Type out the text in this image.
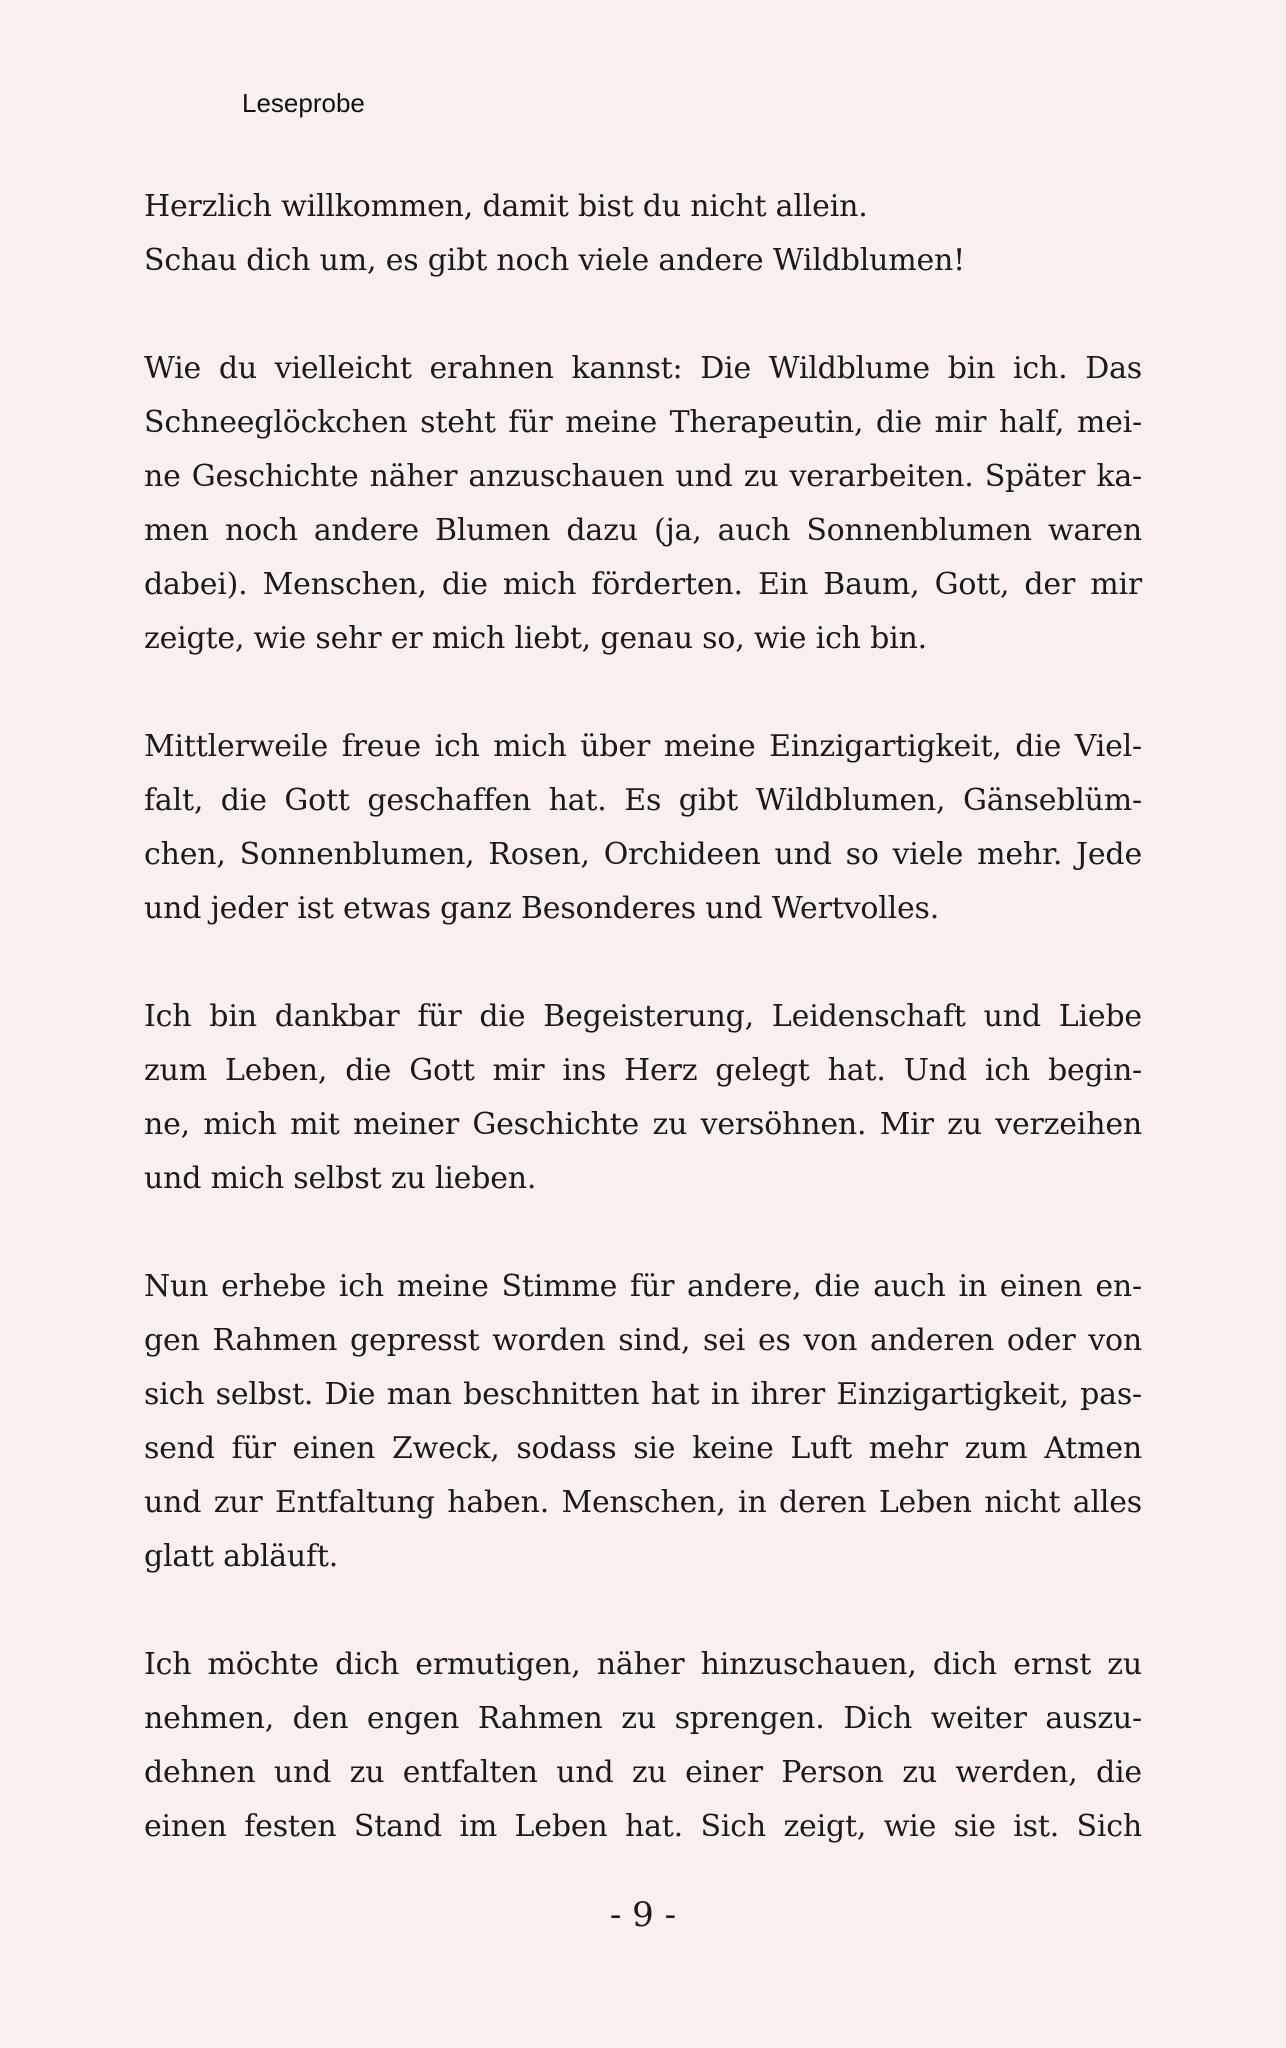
Leseprobe
Herzlich willkommen, damit bist du nicht allein.
Schau dich um, es gibt noch viele andere Wildblumen!
Wie du vielleicht erahnen kannst: Die Wildblume bin ich. Das
Schneeglöckchen steht für meine Therapeutin, die mir half, mei-
ne Geschichte näher anzuschauen und zu verarbeiten. Später ka-
men noch andere Blumen dazu (ja, auch Sonnenblumen waren
dabei). Menschen, die mich förderten. Ein Baum, Gott, der mir
zeigte, wie sehr er mich liebt, genau so, wie ich bin.
Mittlerweile freue ich mich über meine Einzigartigkeit, die Viel-
falt, die Gott geschaffen hat. Es gibt Wildblumen, Gänseblüm-
chen, Sonnenblumen, Rosen, Orchideen und so viele mehr. Jede
und jeder ist etwas ganz Besonderes und Wertvolles.
Ich bin dankbar für die Begeisterung, Leidenschaft und Liebe
zum Leben, die Gott mir ins Herz gelegt hat. Und ich begin-
ne, mich mit meiner Geschichte zu versöhnen. Mir zu verzeihen
und mich selbst zu lieben.
Nun erhebe ich meine Stimme für andere, die auch in einen en-
gen Rahmen gepresst worden sind, sei es von anderen oder von
sich selbst. Die man beschnitten hat in ihrer Einzigartigkeit, pas-
send für einen Zweck, sodass sie keine Luft mehr zum Atmen
und zur Entfaltung haben. Menschen, in deren Leben nicht alles
glatt abläuft.
Ich möchte dich ermutigen, näher hinzuschauen, dich ernst zu
nehmen, den engen Rahmen zu sprengen. Dich weiter auszu-
dehnen und zu entfalten und zu einer Person zu werden, die
einen festen Stand im Leben hat. Sich zeigt, wie sie ist. Sich
- 9 -
